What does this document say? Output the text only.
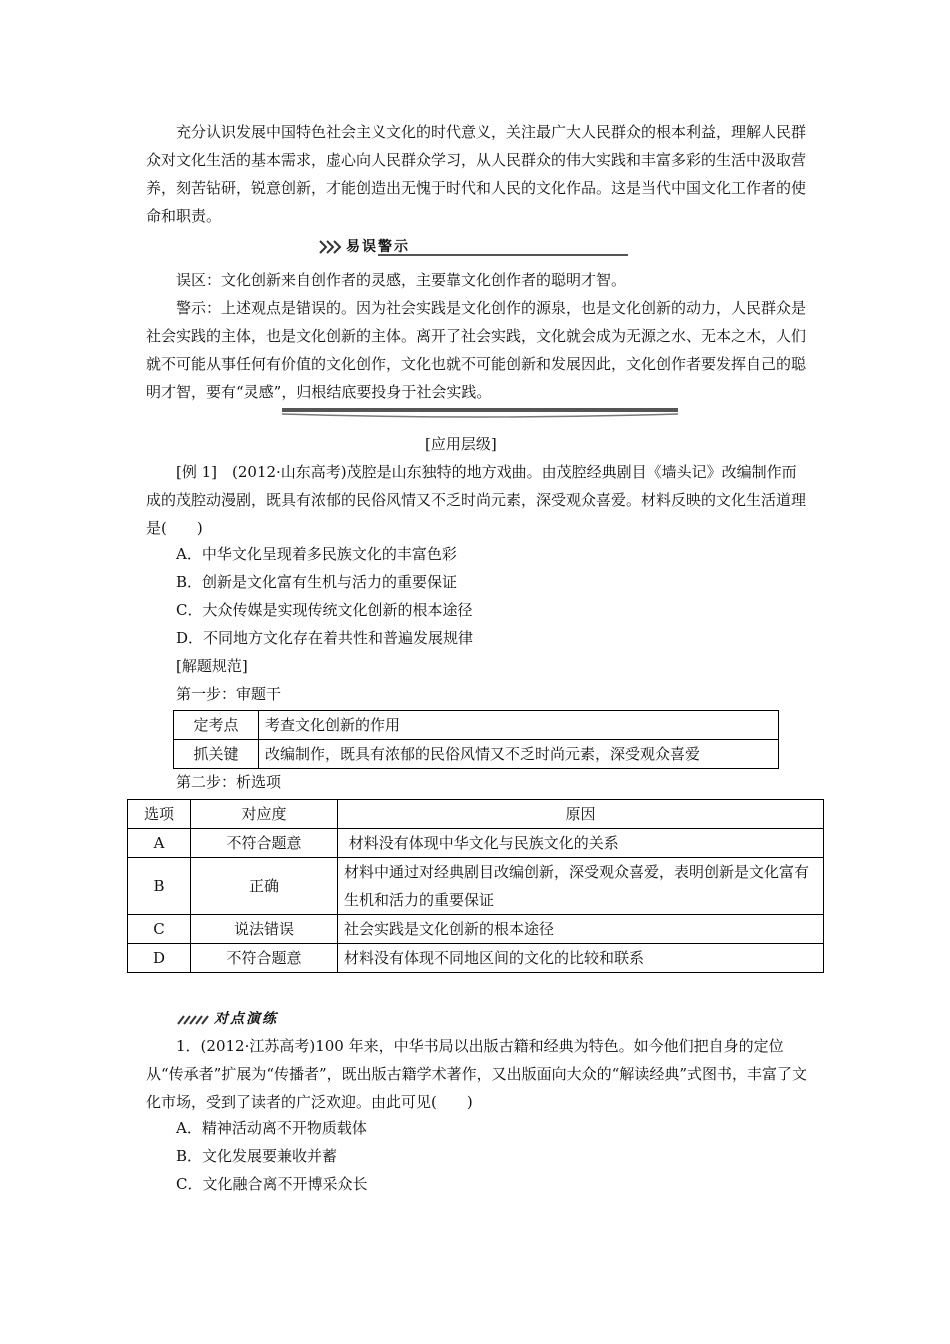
充分认识发展中国特色社会主义文化的时代意义，关注最广大人民群众的根本利益，理解人民群众对文化生活的基本需求，虚心向人民群众学习，从人民群众的伟大实践和丰富多彩的生活中汲取营养，刻苦钻研，锐意创新，才能创造出无愧于时代和人民的文化作品。这是当代中国文化工作者的使命和职责。

易误警示

误区：文化创新来自创作者的灵感，主要靠文化创作者的聪明才智。

警示：上述观点是错误的。因为社会实践是文化创作的源泉，也是文化创新的动力，人民群众是社会实践的主体，也是文化创新的主体。离开了社会实践，文化就会成为无源之水、无本之木，人们就不可能从事任何有价值的文化创作，文化也就不可能创新和发展因此，文化创作者要发挥自己的聪明才智，要有“灵感”，归根结底要投身于社会实践。

[应用层级]

[例 1]　(2012·山东高考)茂腔是山东独特的地方戏曲。由茂腔经典剧目《墙头记》改编制作而成的茂腔动漫剧，既具有浓郁的民俗风情又不乏时尚元素，深受观众喜爱。材料反映的文化生活道理是(　　)

A．中华文化呈现着多民族文化的丰富色彩
B．创新是文化富有生机与活力的重要保证
C．大众传媒是实现传统文化创新的根本途径
D．不同地方文化存在着共性和普遍发展规律
[解题规范]
第一步：审题干
定考点	考查文化创新的作用
抓关键	改编制作，既具有浓郁的民俗风情又不乏时尚元素，深受观众喜爱
第二步：析选项
选项	对应度	原因
A	不符合题意	材料没有体现中华文化与民族文化的关系
B	正确	材料中通过对经典剧目改编创新，深受观众喜爱，表明创新是文化富有生机和活力的重要保证
C	说法错误	社会实践是文化创新的根本途径
D	不符合题意	材料没有体现不同地区间的文化的比较和联系
对点演练

1．(2012·江苏高考)100 年来，中华书局以出版古籍和经典为特色。如今他们把自身的定位从“传承者”扩展为“传播者”，既出版古籍学术著作，又出版面向大众的“解读经典”式图书，丰富了文化市场，受到了读者的广泛欢迎。由此可见(　　)

A．精神活动离不开物质载体
B．文化发展要兼收并蓄
C．文化融合离不开博采众长
